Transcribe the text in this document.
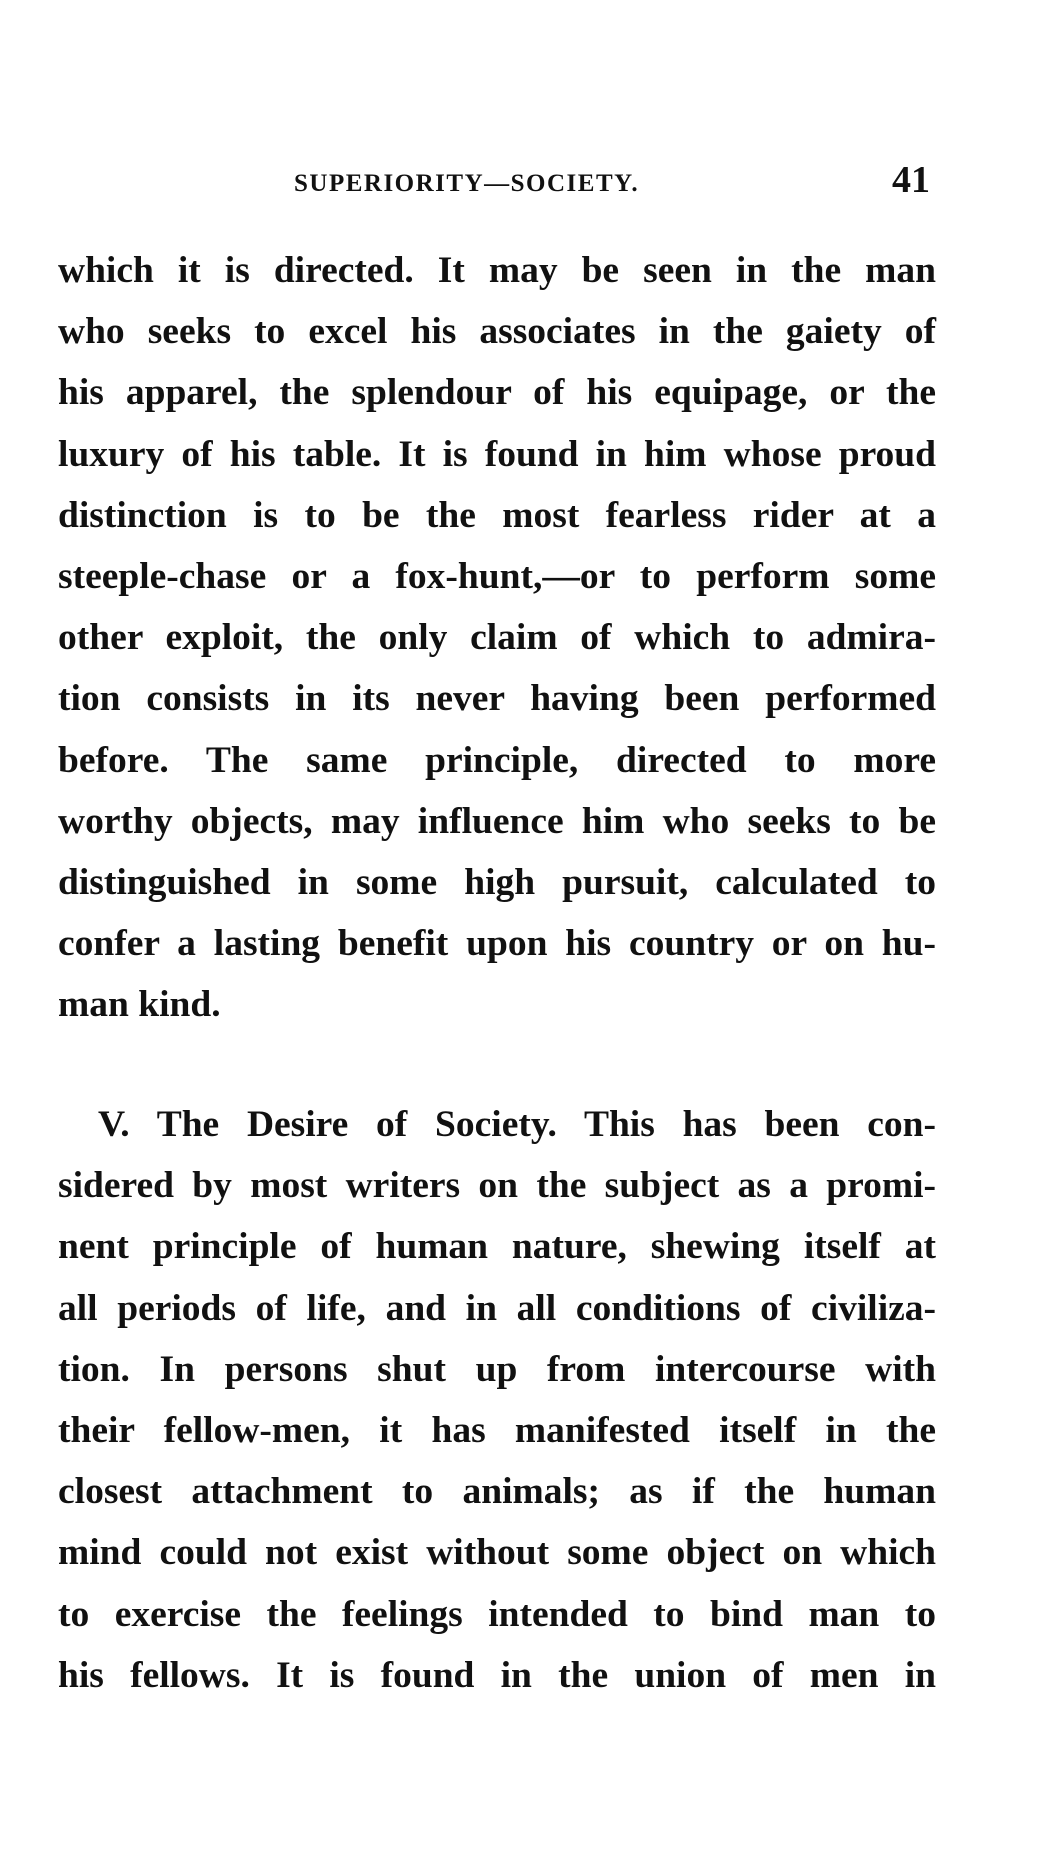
SUPERIORITY—SOCIETY.	41
which it is directed. It may be seen in the man
who seeks to excel his associates in the gaiety of
his apparel, the splendour of his equipage, or the
luxury of his table. It is found in him whose proud
distinction is to be the most fearless rider at a
steeple-chase or a fox-hunt,—or to perform some
other exploit, the only claim of which to admira-
tion consists in its never having been performed
before. The same principle, directed to more
worthy objects, may influence him who seeks to be
distinguished in some high pursuit, calculated to
confer a lasting benefit upon his country or on hu-
man kind.
V. The Desire of Society. This has been con-
sidered by most writers on the subject as a promi-
nent principle of human nature, shewing itself at
all periods of life, and in all conditions of civiliza-
tion. In persons shut up from intercourse with
their fellow-men, it has manifested itself in the
closest attachment to animals; as if the human
mind could not exist without some object on which
to exercise the feelings intended to bind man to
his fellows. It is found in the union of men in
